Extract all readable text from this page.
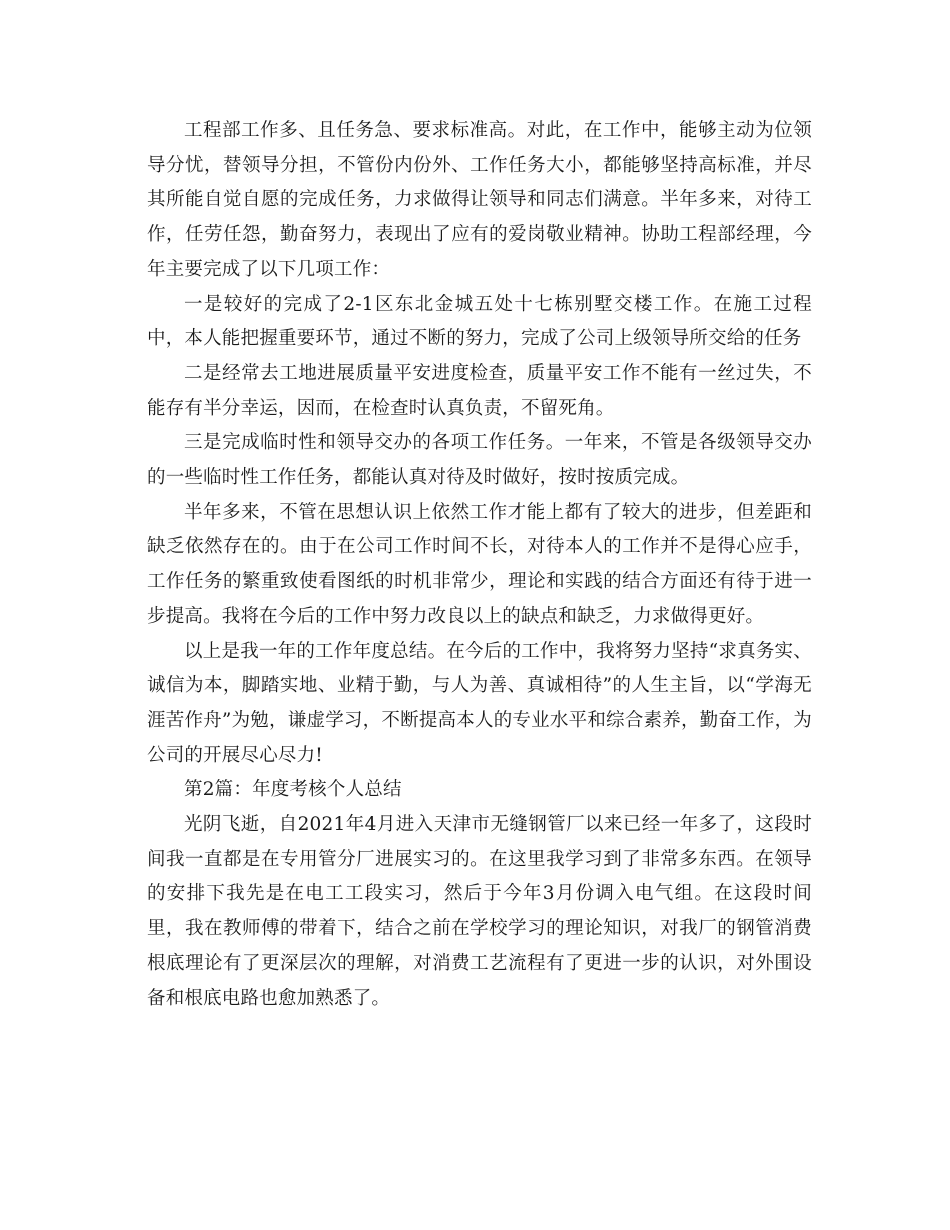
工程部工作多、且任务急、要求标准高。对此，在工作中，能够主动为位领导分忧，替领导分担，不管份内份外、工作任务大小，都能够坚持高标准，并尽其所能自觉自愿的完成任务，力求做得让领导和同志们满意。半年多来，对待工作，任劳任怨，勤奋努力，表现出了应有的爱岗敬业精神。协助工程部经理，今年主要完成了以下几项工作：

一是较好的完成了2-1区东北金城五处十七栋别墅交楼工作。在施工过程中，本人能把握重要环节，通过不断的努力，完成了公司上级领导所交给的任务

二是经常去工地进展质量平安进度检查，质量平安工作不能有一丝过失，不能存有半分幸运，因而，在检查时认真负责，不留死角。

三是完成临时性和领导交办的各项工作任务。一年来，不管是各级领导交办的一些临时性工作任务，都能认真对待及时做好，按时按质完成。

半年多来，不管在思想认识上依然工作才能上都有了较大的进步，但差距和缺乏依然存在的。由于在公司工作时间不长，对待本人的工作并不是得心应手，工作任务的繁重致使看图纸的时机非常少，理论和实践的结合方面还有待于进一步提高。我将在今后的工作中努力改良以上的缺点和缺乏，力求做得更好。

以上是我一年的工作年度总结。在今后的工作中，我将努力坚持“求真务实、诚信为本，脚踏实地、业精于勤，与人为善、真诚相待”的人生主旨，以“学海无涯苦作舟”为勉，谦虚学习，不断提高本人的专业水平和综合素养，勤奋工作，为公司的开展尽心尽力!

第2篇：年度考核个人总结

光阴飞逝，自2021年4月进入天津市无缝钢管厂以来已经一年多了，这段时间我一直都是在专用管分厂进展实习的。在这里我学习到了非常多东西。在领导的安排下我先是在电工工段实习，然后于今年3月份调入电气组。在这段时间里，我在教师傅的带着下，结合之前在学校学习的理论知识，对我厂的钢管消费根底理论有了更深层次的理解，对消费工艺流程有了更进一步的认识，对外围设备和根底电路也愈加熟悉了。
